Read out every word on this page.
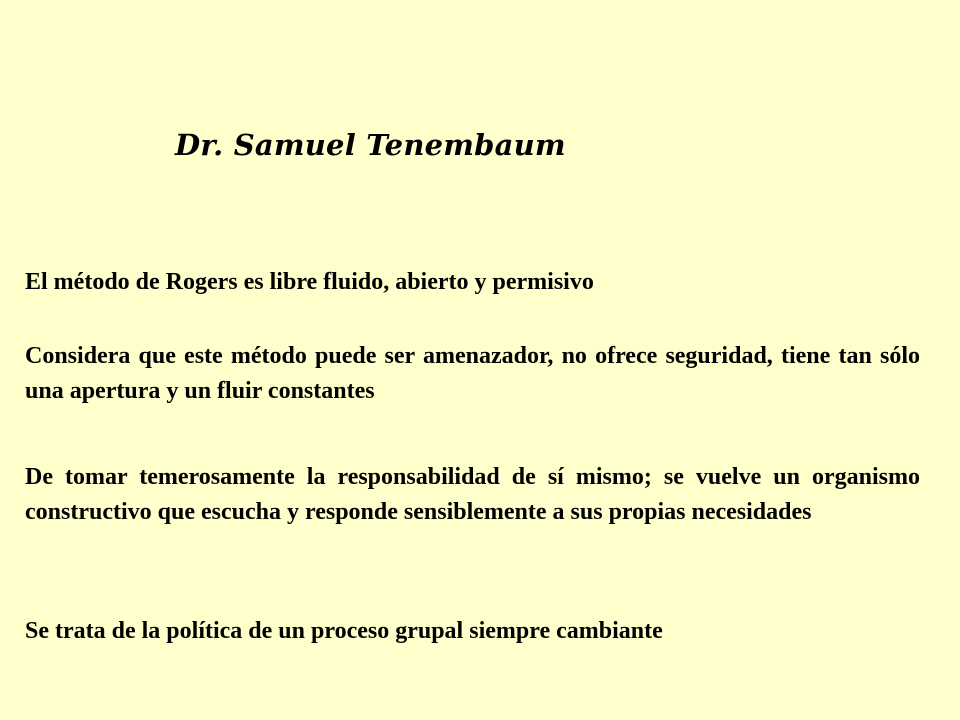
Dr. Samuel Tenembaum
El método de Rogers es libre fluido, abierto y permisivo
Considera que este método puede ser amenazador, no ofrece seguridad, tiene tan sólo una apertura y un fluir constantes
De tomar temerosamente la responsabilidad de sí mismo; se vuelve un organismo constructivo que escucha y responde sensiblemente a sus propias necesidades
Se trata de la política de un proceso grupal siempre cambiante
